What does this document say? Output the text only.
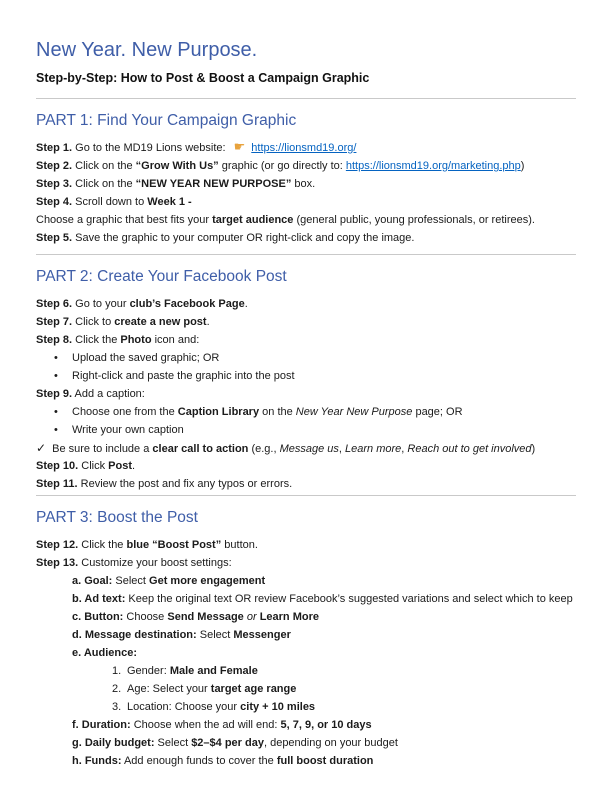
New Year. New Purpose.
Step-by-Step: How to Post & Boost a Campaign Graphic
PART 1: Find Your Campaign Graphic
Step 1. Go to the MD19 Lions website: ☛ https://lionsmd19.org/
Step 2. Click on the “Grow With Us” graphic (or go directly to: https://lionsmd19.org/marketing.php)
Step 3. Click on the “NEW YEAR NEW PURPOSE” box.
Step 4. Scroll down to Week 1 -
Choose a graphic that best fits your target audience (general public, young professionals, or retirees).
Step 5. Save the graphic to your computer OR right-click and copy the image.
PART 2: Create Your Facebook Post
Step 6. Go to your club’s Facebook Page.
Step 7. Click to create a new post.
Step 8. Click the Photo icon and:
• Upload the saved graphic; OR
• Right-click and paste the graphic into the post
Step 9. Add a caption:
• Choose one from the Caption Library on the New Year New Purpose page; OR
• Write your own caption
✓ Be sure to include a clear call to action (e.g., Message us, Learn more, Reach out to get involved)
Step 10. Click Post.
Step 11. Review the post and fix any typos or errors.
PART 3: Boost the Post
Step 12. Click the blue “Boost Post” button.
Step 13. Customize your boost settings:
a. Goal: Select Get more engagement
b. Ad text: Keep the original text OR review Facebook’s suggested variations and select which to keep
c. Button: Choose Send Message or Learn More
d. Message destination: Select Messenger
e. Audience:
1. Gender: Male and Female
2. Age: Select your target age range
3. Location: Choose your city + 10 miles
f. Duration: Choose when the ad will end: 5, 7, 9, or 10 days
g. Daily budget: Select $2–$4 per day, depending on your budget
h. Funds: Add enough funds to cover the full boost duration
